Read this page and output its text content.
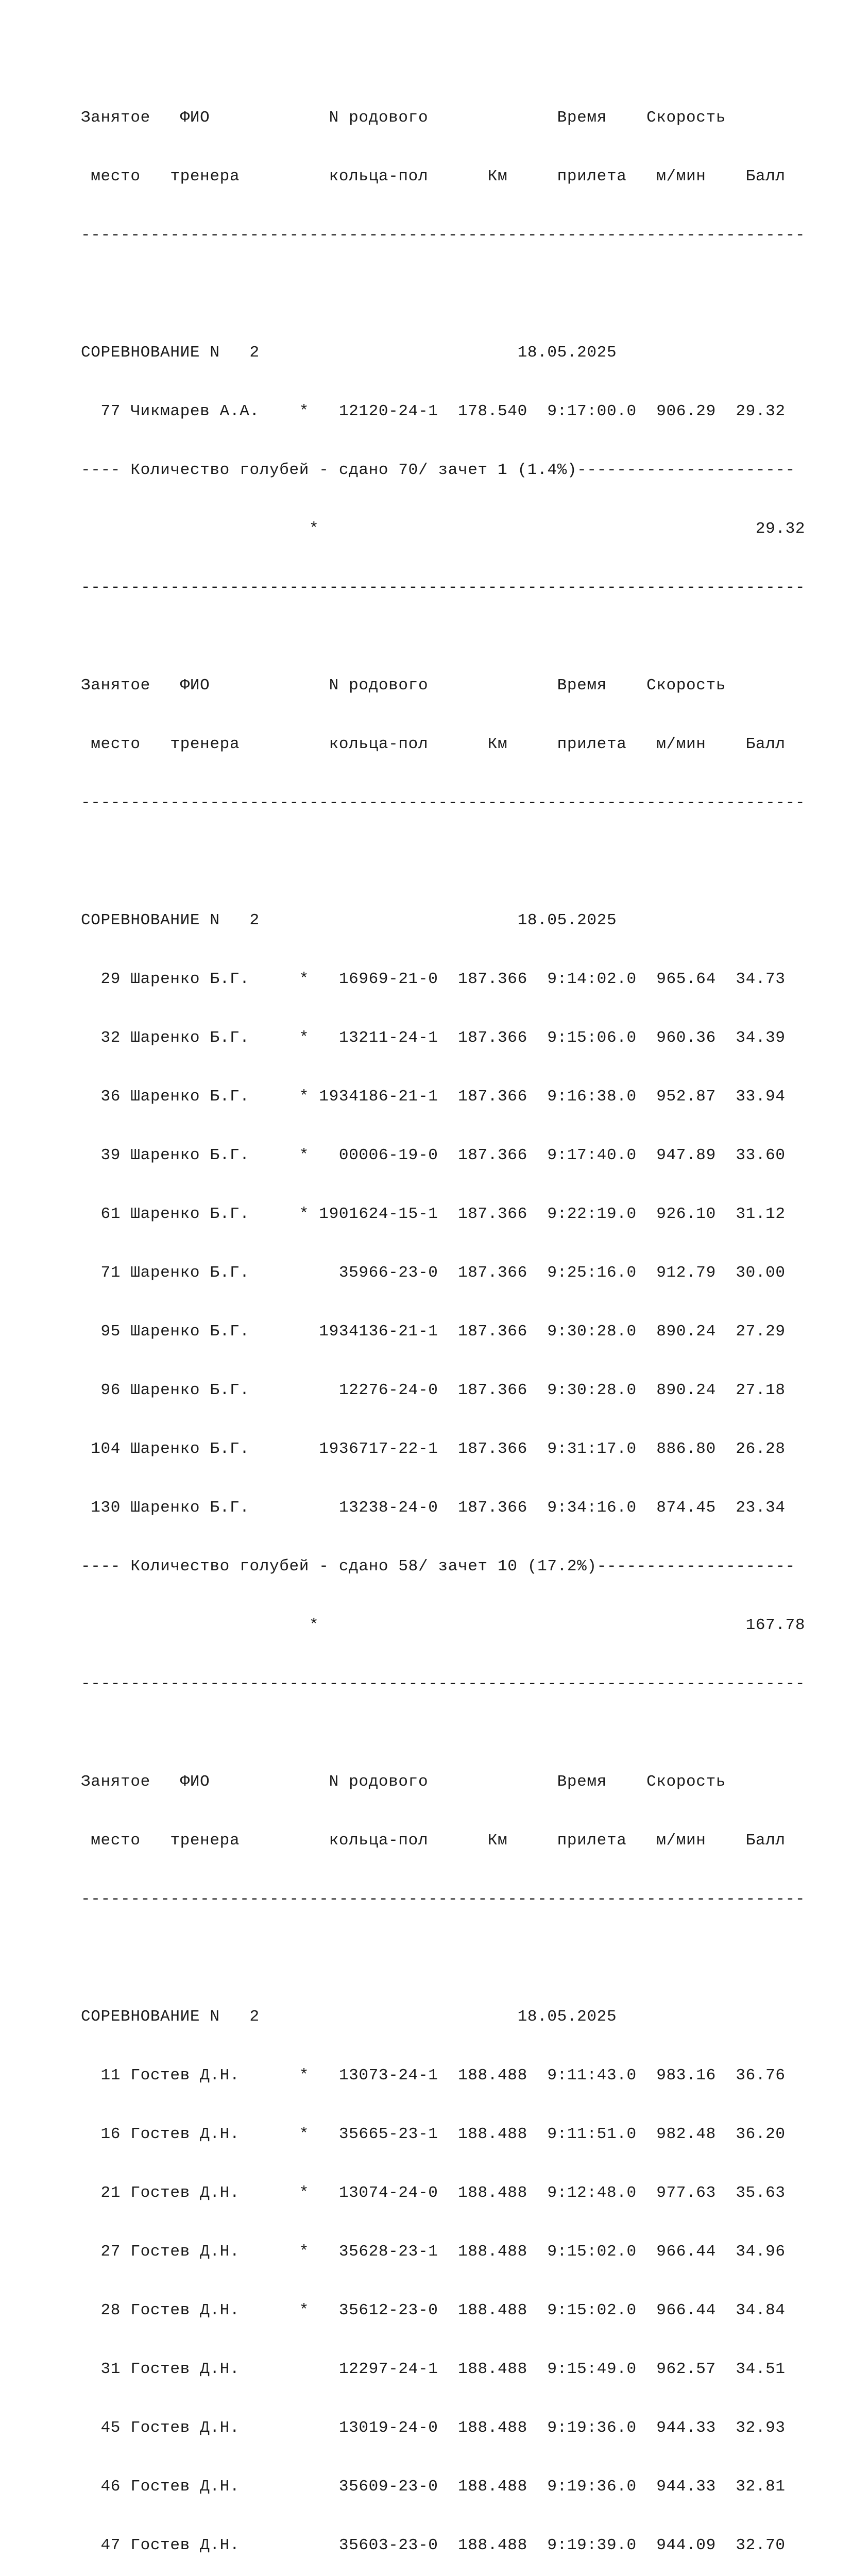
Занятое   ФИО            N родового             Время    Скорость

место   тренера         кольца-пол      Км     прилета   м/мин    Балл

-------------------------------------------------------------------------

СОРЕВНОВАНИЕ N   2                          18.05.2025

77 Чикмарев А.А.    *   12120-24-1  178.540  9:17:00.0  906.29  29.32

---- Количество голубей - сдано 70/ зачет 1 (1.4%)----------------------

*                                            29.32

-------------------------------------------------------------------------

Занятое   ФИО            N родового             Время    Скорость

место   тренера         кольца-пол      Км     прилета   м/мин    Балл

-------------------------------------------------------------------------

СОРЕВНОВАНИЕ N   2                          18.05.2025

29 Шаренко Б.Г.     *   16969-21-0  187.366  9:14:02.0  965.64  34.73

32 Шаренко Б.Г.     *   13211-24-1  187.366  9:15:06.0  960.36  34.39

36 Шаренко Б.Г.     * 1934186-21-1  187.366  9:16:38.0  952.87  33.94

39 Шаренко Б.Г.     *   00006-19-0  187.366  9:17:40.0  947.89  33.60

61 Шаренко Б.Г.     * 1901624-15-1  187.366  9:22:19.0  926.10  31.12

71 Шаренко Б.Г.         35966-23-0  187.366  9:25:16.0  912.79  30.00

95 Шаренко Б.Г.       1934136-21-1  187.366  9:30:28.0  890.24  27.29

96 Шаренко Б.Г.         12276-24-0  187.366  9:30:28.0  890.24  27.18

104 Шаренко Б.Г.       1936717-22-1  187.366  9:31:17.0  886.80  26.28

130 Шаренко Б.Г.         13238-24-0  187.366  9:34:16.0  874.45  23.34

---- Количество голубей - сдано 58/ зачет 10 (17.2%)--------------------

*                                           167.78

-------------------------------------------------------------------------

Занятое   ФИО            N родового             Время    Скорость

место   тренера         кольца-пол      Км     прилета   м/мин    Балл

-------------------------------------------------------------------------

СОРЕВНОВАНИЕ N   2                          18.05.2025

11 Гостев Д.Н.      *   13073-24-1  188.488  9:11:43.0  983.16  36.76

16 Гостев Д.Н.      *   35665-23-1  188.488  9:11:51.0  982.48  36.20

21 Гостев Д.Н.      *   13074-24-0  188.488  9:12:48.0  977.63  35.63

27 Гостев Д.Н.      *   35628-23-1  188.488  9:15:02.0  966.44  34.96

28 Гостев Д.Н.      *   35612-23-0  188.488  9:15:02.0  966.44  34.84

31 Гостев Д.Н.          12297-24-1  188.488  9:15:49.0  962.57  34.51

45 Гостев Д.Н.          13019-24-0  188.488  9:19:36.0  944.33  32.93

46 Гостев Д.Н.          35609-23-0  188.488  9:19:36.0  944.33  32.81

47 Гостев Д.Н.          35603-23-0  188.488  9:19:39.0  944.09  32.70
